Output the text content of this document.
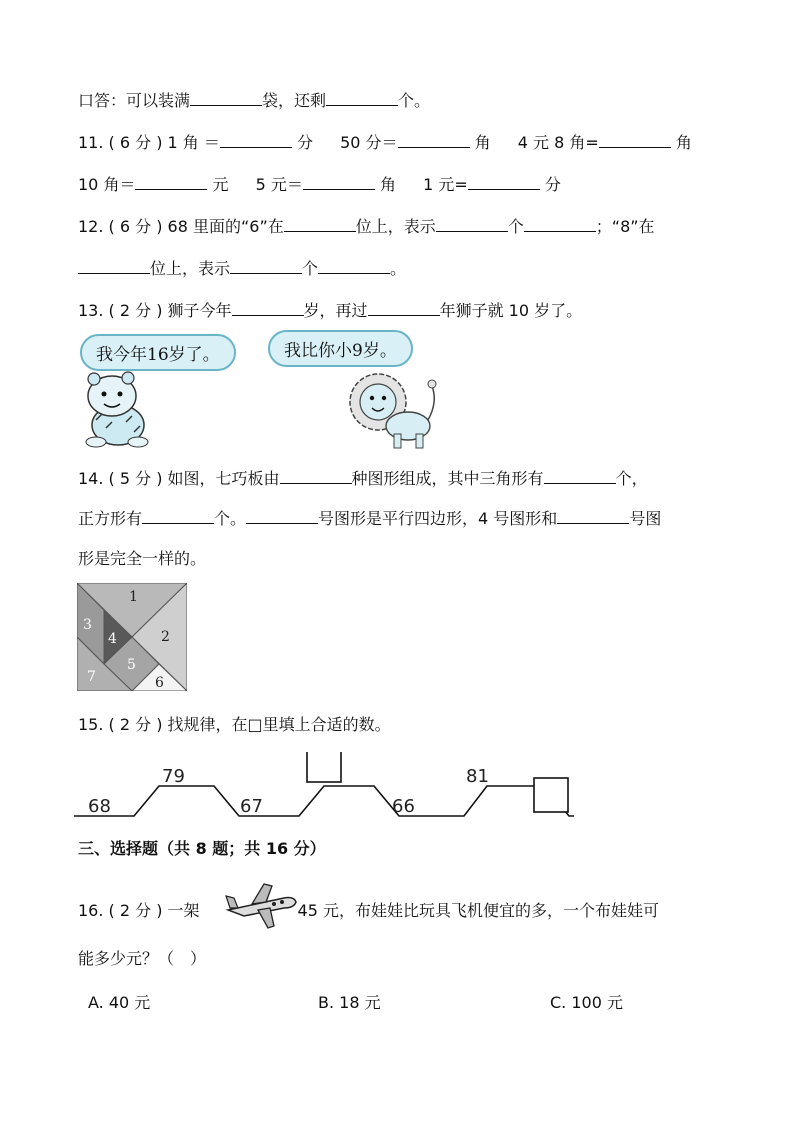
口答：可以装满	袋，还剩	个。
11. ( 6 分 ) 1 角 ＝	分 50 分＝	角 4 元 8 角=	角
10 角＝	元 5 元＝	角 1 元=	分
12. ( 6 分 ) 68 里面的“6”在	位上，表示	个	；“8”在
位上，表示	个	。
13. ( 2 分 ) 狮子今年	岁，再过	年狮子就 10 岁了。
我今年16岁了。	我比你小9岁。
14. ( 5 分 ) 如图，七巧板由	种图形组成，其中三角形有	个，
正方形有	个。	号图形是平行四边形，4 号图形和	号图
形是完全一样的。
1
2
3
4
5
6
7
15. ( 2 分 ) 找规律，在□里填上合适的数。
68
79
67	66
81
三、选择题（共 8 题；共 16 分）
16. ( 2 分 ) 一架	45 元，布娃娃比玩具飞机便宜的多，一个布娃娃可
能多少元？（　）
A. 40 元	B. 18 元	C. 100 元
